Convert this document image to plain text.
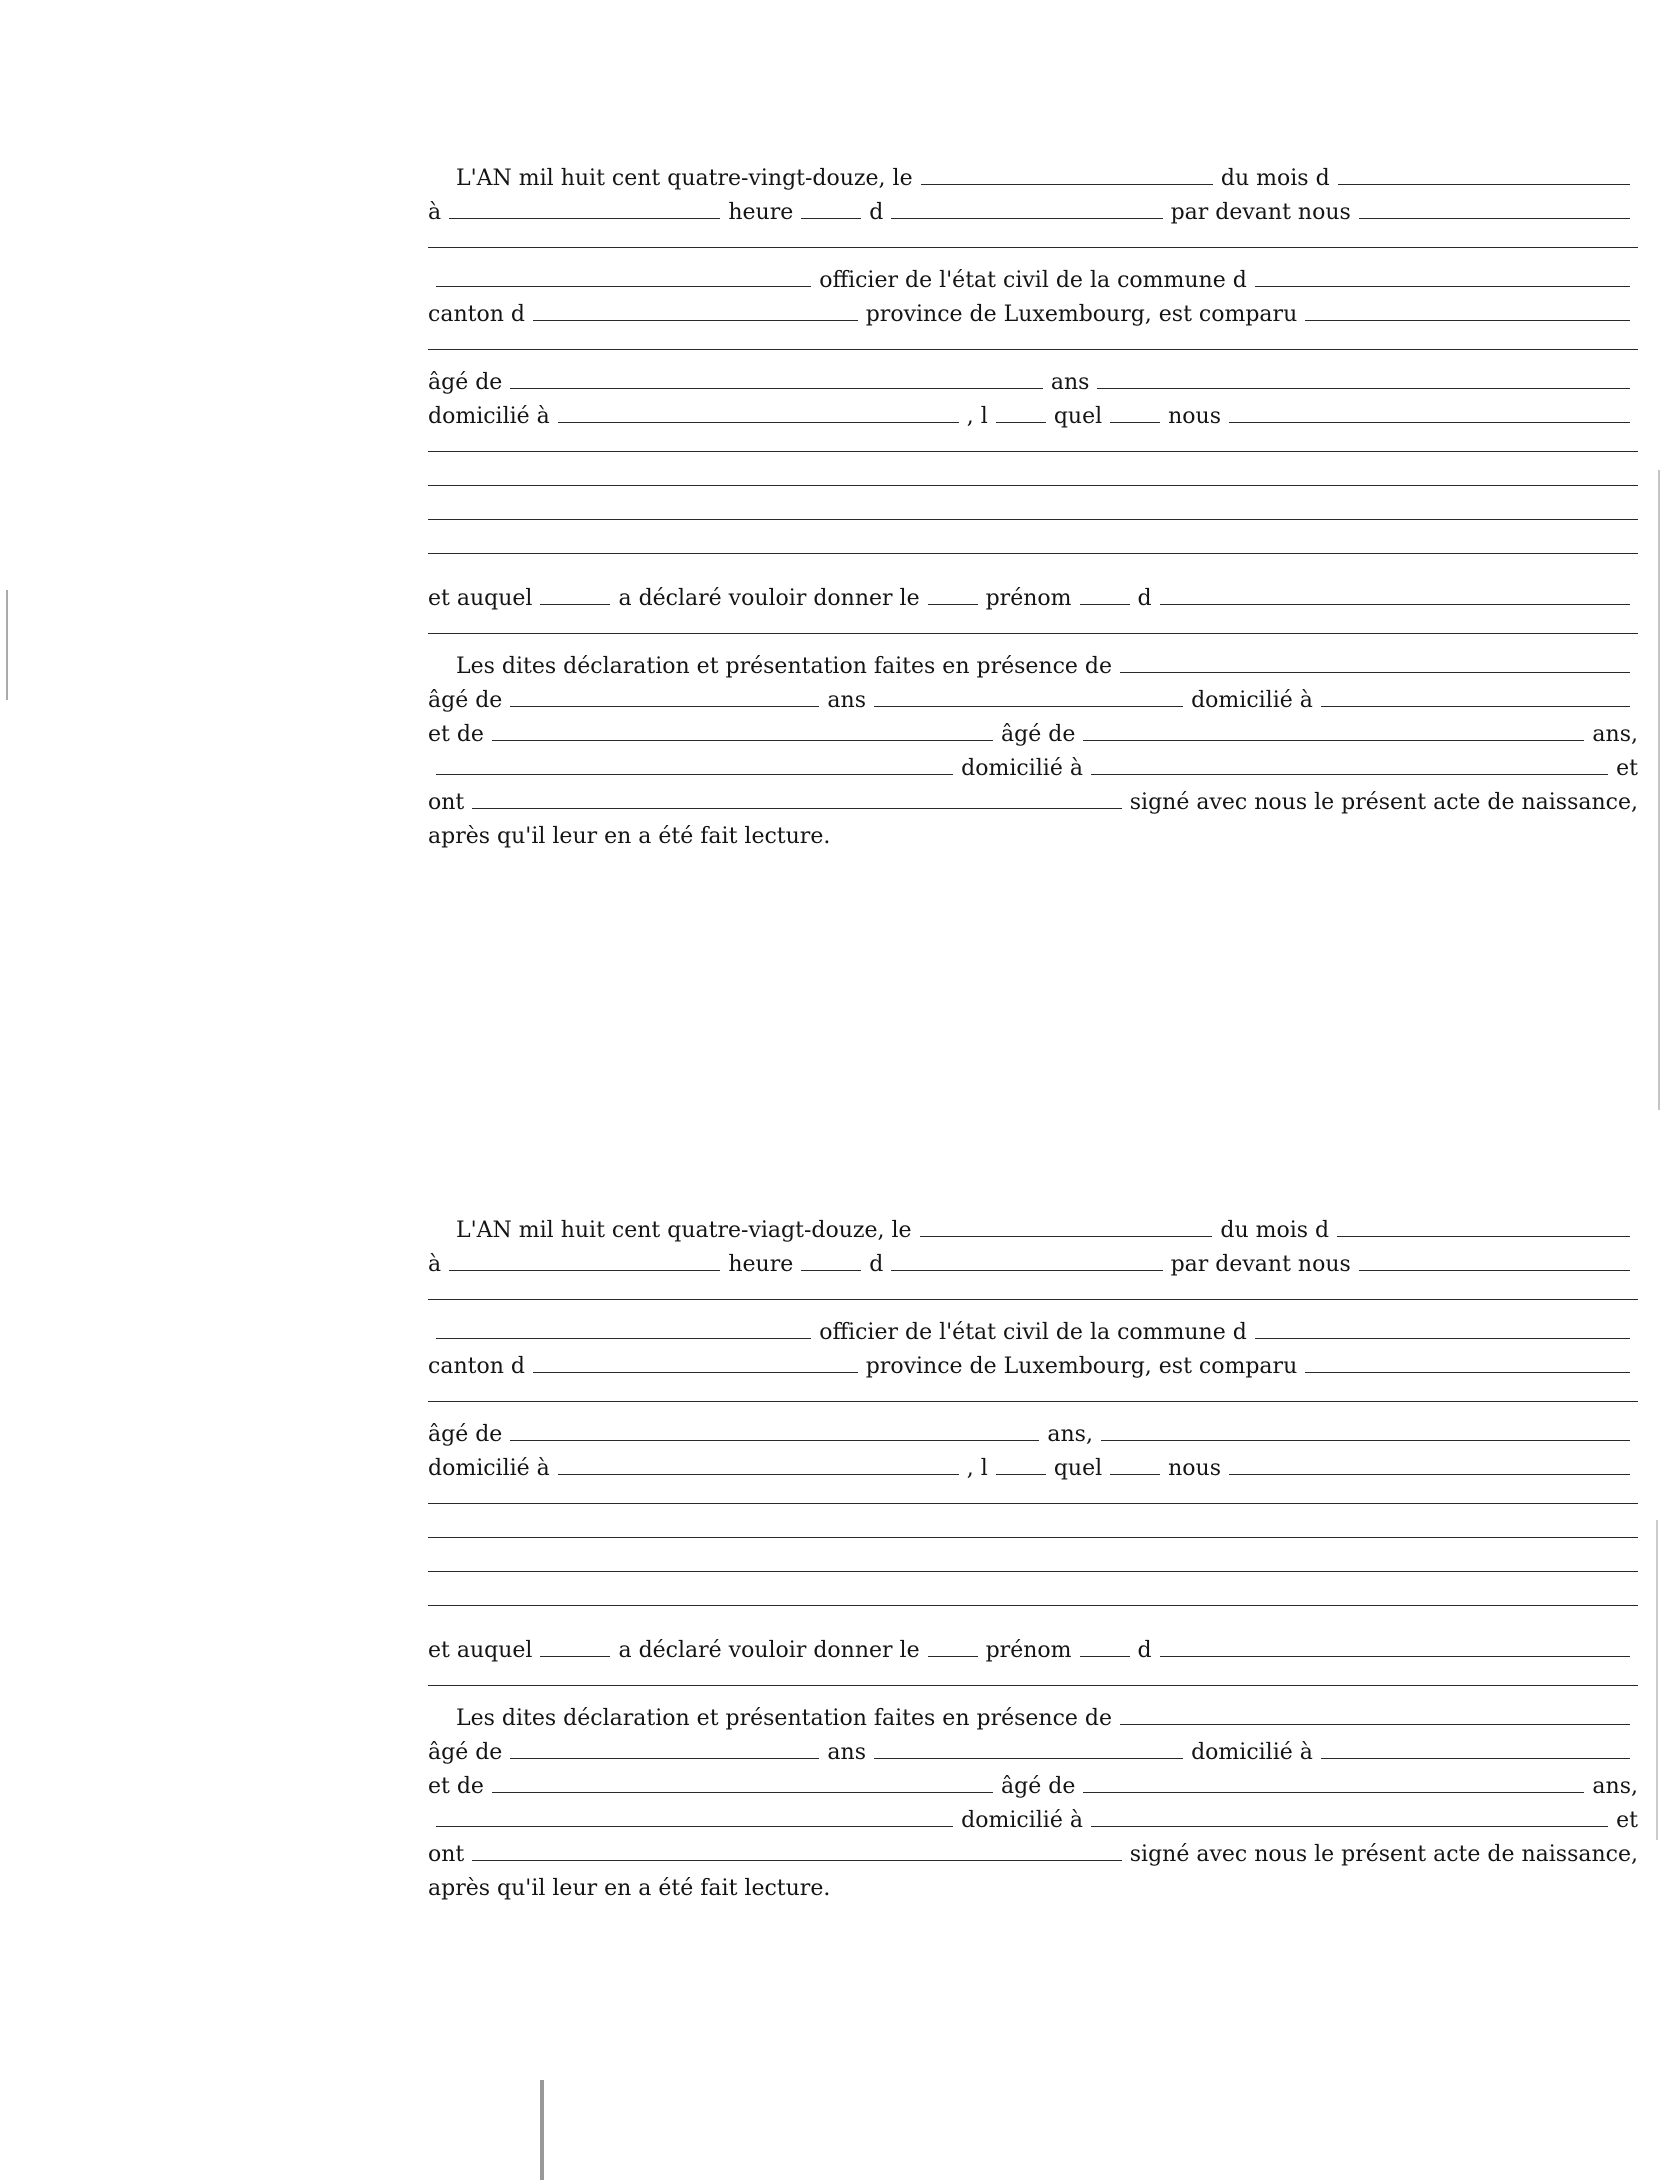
L'AN mil huit cent quatre-vingt-douze, le	du mois d
à	heure	d	par devant nous
officier de l'état civil de la commune d
canton d	province de Luxembourg, est comparu
âgé de	ans
domicilié à	, l	quel	nous
et auquel	a déclaré vouloir donner le	prénom	d
Les dites déclaration et présentation faites en présence de
âgé de	ans	domicilié à
et de	âgé de	ans,
domicilié à	et
ont	signé avec nous le présent acte de naissance,
après qu'il leur en a été fait lecture.
L'AN mil huit cent quatre-viagt-douze, le	du mois d
à	heure	d	par devant nous
officier de l'état civil de la commune d
canton d	province de Luxembourg, est comparu
âgé de	ans,
domicilié à	, l	quel	nous
et auquel	a déclaré vouloir donner le	prénom	d
Les dites déclaration et présentation faites en présence de
âgé de	ans	domicilié à
et de	âgé de	ans,
domicilié à	et
ont	signé avec nous le présent acte de naissance,
après qu'il leur en a été fait lecture.
